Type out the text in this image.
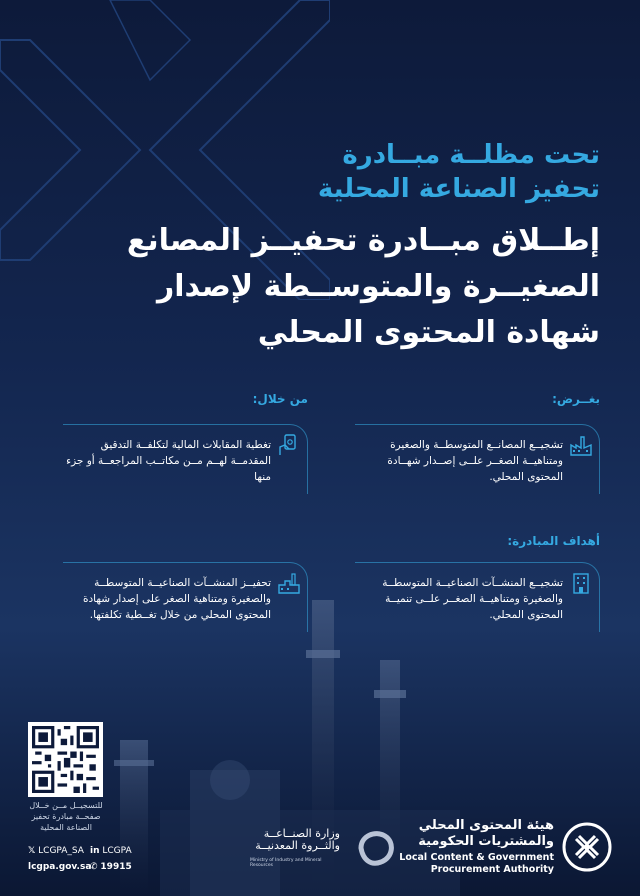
تحت مظلــة مبــادرة
تحفيز الصناعة المحلية
إطــلاق مبــادرة تحفيــز المصانع
الصغيــرة والمتوســطة لإصدار
شهادة المحتوى المحلي
بغــرض:
من خلال:
أهداف المبادرة:
تشجيــع المصانــع المتوسطــة والصغيرة ومتناهيــة الصغــر علــى إصــدار شهــادة المحتوى المحلي.
تغطية المقابلات المالية لتكلفــة التدقيق المقدمــة لهــم مــن مكاتــب المراجعــة أو جزء منها
تشجيــع المنشــآت الصناعيــة المتوسطــة والصغيرة ومتناهيــة الصغــر علــى تنميــة المحتوى المحلي.
تحفيــز المنشــآت الصناعيــة المتوسطــة والصغيرة ومتناهية الصغر على إصدار شهادة المحتوى المحلي من خلال تغــطية تكلفتها.
للتسجيــل مــن خــلال
صفحــة مبادرة تحفيز
الصناعة المحلية
𝕏 LCGPA_SA in LCGPA
lcgpa.gov.sa
✆ 19915
وزارة الصنــاعــة
والثــروة المعدنيــة
Ministry of Industry and Mineral Resources
هيئة المحتوى المحلي
والمشتريات الحكومية
Local Content & Government
Procurement Authority
